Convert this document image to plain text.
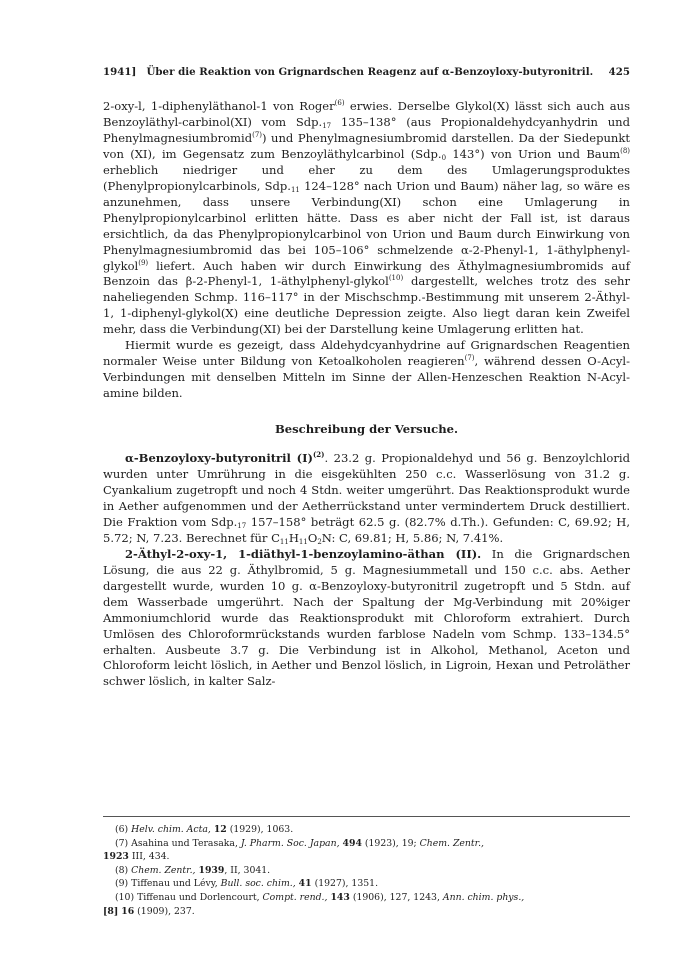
1941] Über die Reaktion von Grignardschen Reagenz auf α-Benzoyloxy-butyronitril.	425

2-oxy-l, 1-diphenyläthanol-1 von Roger$^{(6)}$ erwies. Derselbe Glykol(X) lässt sich auch aus Benzoyläthyl-carbinol(XI) vom $Sdp._{17}$ 135–138° (aus Propionaldehydcyanhydrin und Phenylmagnesiumbromid$^{(7)}$) und Phenylmagnesiumbromid darstellen. Da der Siedepunkt von (XI), im Gegensatz zum Benzoyläthylcarbinol ($Sdp._0$ 143°) von Urion und Baum$^{(8)}$ erheblich niedriger und eher zu dem des Umlagerungsproduktes (Phenylpropionylcarbinols, $Sdp._{11}$ 124–128° nach Urion und Baum) näher lag, so wäre es anzunehmen, dass unsere Verbindung(XI) schon eine Umlagerung in Phenylpropionylcarbinol erlitten hätte. Dass es aber nicht der Fall ist, ist daraus ersichtlich, da das Phenylpropionylcarbinol von Urion und Baum durch Einwirkung von Phenylmagnesiumbromid das bei 105–106° schmelzende α-2-Phenyl-1, 1-äthylphenyl-glykol$^{(9)}$ liefert. Auch haben wir durch Einwirkung des Äthylmagnesiumbromids auf Benzoin das β-2-Phenyl-1, 1-äthylphenyl-glykol$^{(10)}$ dargestellt, welches trotz des sehr naheliegenden Schmp. 116–117° in der Mischschmp.-Bestimmung mit unserem 2-Äthyl-1, 1-diphenyl-glykol(X) eine deutliche Depression zeigte. Also liegt daran kein Zweifel mehr, dass die Verbindung(XI) bei der Darstellung keine Umlagerung erlitten hat.

Hiermit wurde es gezeigt, dass Aldehydcyanhydrine auf Grignardschen Reagentien normaler Weise unter Bildung von Ketoalkoholen reagieren$^{(7)}$, während dessen O-Acyl-Verbindungen mit denselben Mitteln im Sinne der Allen-Henzeschen Reaktion N-Acyl-amine bilden.

Beschreibung der Versuche.

α-Benzoyloxy-butyronitril $(I)^{(2)}$. 23.2 g. Propionaldehyd und 56 g. Benzoylchlorid wurden unter Umrührung in die eisgekühlten 250 c.c. Wasserlösung von 31.2 g. Cyankalium zugetropft und noch 4 Stdn. weiter umgerührt. Das Reaktionsprodukt wurde in Aether aufgenommen und der Aetherrückstand unter vermindertem Druck destilliert. Die Fraktion vom $Sdp._{17}$ 157–158° beträgt 62.5 g. (82.7% d.Th.). Gefunden: C, 69.92; H, 5.72; N, 7.23. Berechnet für $C_{11}H_{11}O_2N$: C, 69.81; H, 5.86; N, 7.41%.

2-Äthyl-2-oxy-1, 1-diäthyl-1-benzoylamino-äthan (II). In die Grignardschen Lösung, die aus 22 g. Äthylbromid, 5 g. Magnesiummetall und 150 c.c. abs. Aether dargestellt wurde, wurden 10 g. α-Benzoyloxy-butyronitril zugetropft und 5 Stdn. auf dem Wasserbade umgerührt. Nach der Spaltung der Mg-Verbindung mit 20%iger Ammoniumchlorid wurde das Reaktionsprodukt mit Chloroform extrahiert. Durch Umlösen des Chloroformrückstands wurden farblose Nadeln vom Schmp. 133–134.5° erhalten. Ausbeute 3.7 g. Die Verbindung ist in Alkohol, Methanol, Aceton und Chloroform leicht löslich, in Aether und Benzol löslich, in Ligroin, Hexan und Petroläther schwer löslich, in kalter Salz-

(6) Helv. chim. Acta, 12 (1929), 1063.
(7) Asahina und Terasaka, J. Pharm. Soc. Japan, 494 (1923), 19; Chem. Zentr.,
1923 III, 434.
(8) Chem. Zentr., 1939, II, 3041.
(9) Tiffenau und Lévy, Bull. soc. chim., 41 (1927), 1351.
(10) Tiffenau und Dorlencourt, Compt. rend., 143 (1906), 127, 1243, Ann. chim. phys.,
[8] 16 (1909), 237.
